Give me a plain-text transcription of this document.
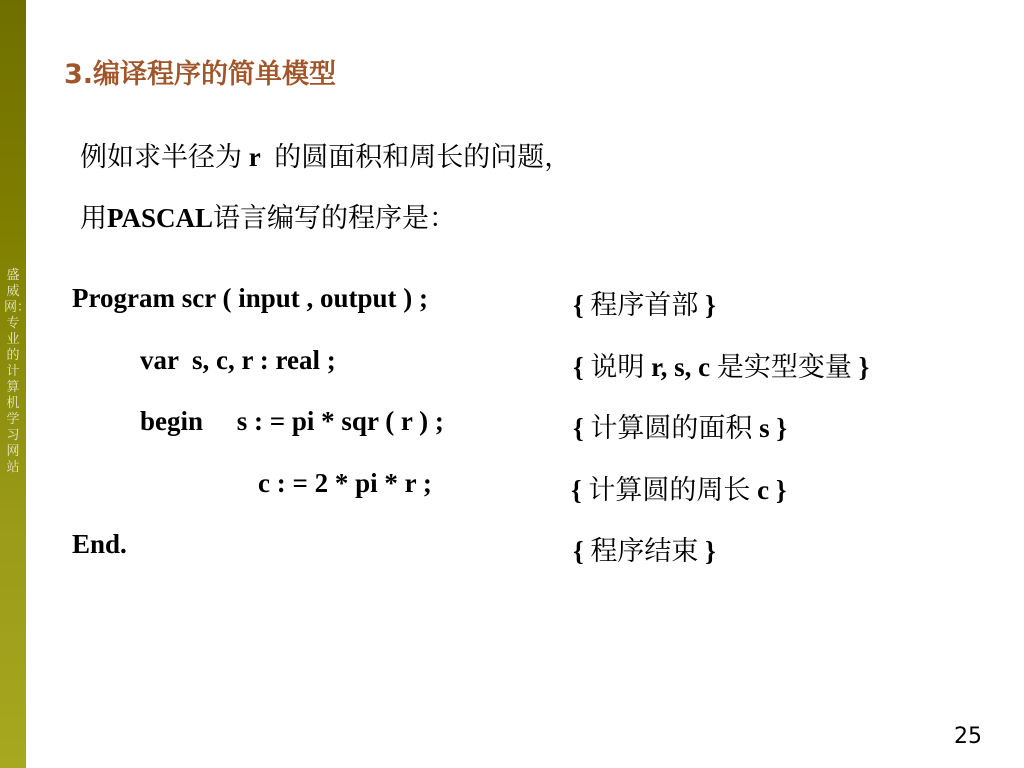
盛威网：专业的计算机学习网站
3.编译程序的简单模型
例如求半径为 r 的圆面积和周长的问题，
用PASCAL语言编写的程序是：
Program scr ( input , output ) ;	{ 程序首部 }
var  s, c, r : real ;	{ 说明 r, s, c 是实型变量 }
begin     s : = pi * sqr ( r ) ;	{ 计算圆的面积 s }
c : = 2 * pi * r ;	{ 计算圆的周长 c }
End.	{ 程序结束 }
25
